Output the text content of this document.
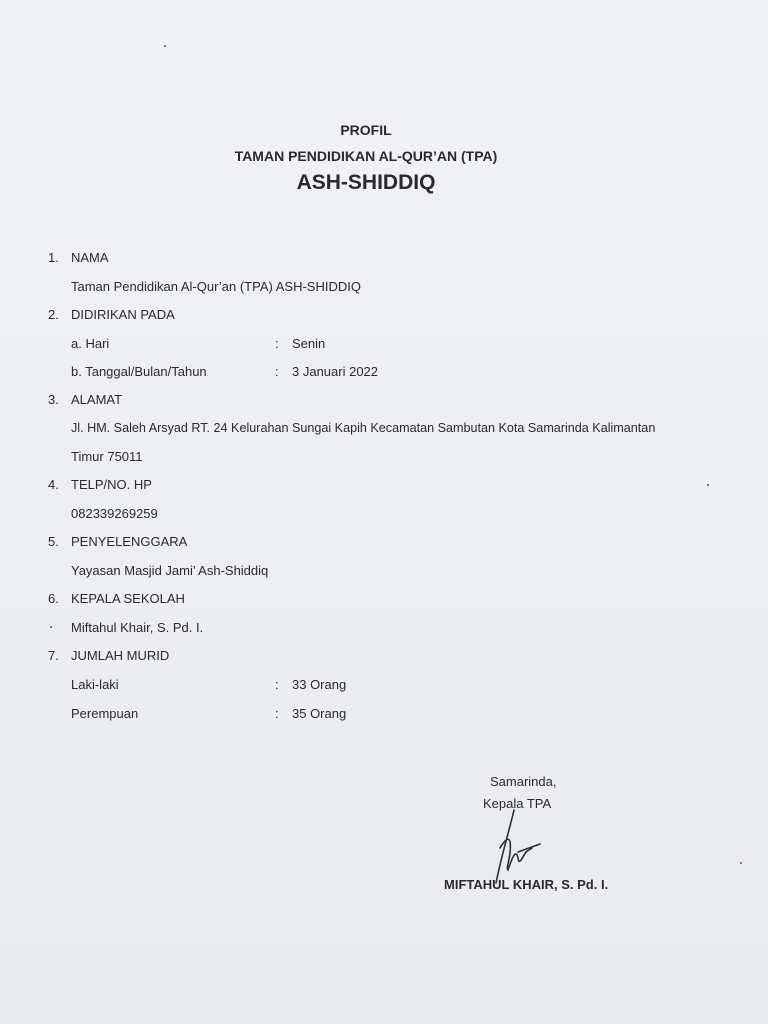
PROFIL
TAMAN PENDIDIKAN AL-QUR’AN (TPA)
ASH-SHIDDIQ
1. NAMA
Taman Pendidikan Al-Qur’an (TPA) ASH-SHIDDIQ
2. DIDIRIKAN PADA
a. Hari	: Senin
b. Tanggal/Bulan/Tahun	: 3 Januari 2022
3. ALAMAT
Jl. HM. Saleh Arsyad RT. 24 Kelurahan Sungai Kapih Kecamatan Sambutan Kota Samarinda Kalimantan
Timur 75011
4. TELP/NO. HP
082339269259
5. PENYELENGGARA
Yayasan Masjid Jami’ Ash-Shiddiq
6. KEPALA SEKOLAH
Miftahul Khair, S. Pd. I.
7. JUMLAH MURID
Laki-laki	: 33 Orang
Perempuan	: 35 Orang
Samarinda,
Kepala TPA
MIFTAHUL KHAIR, S. Pd. I.
